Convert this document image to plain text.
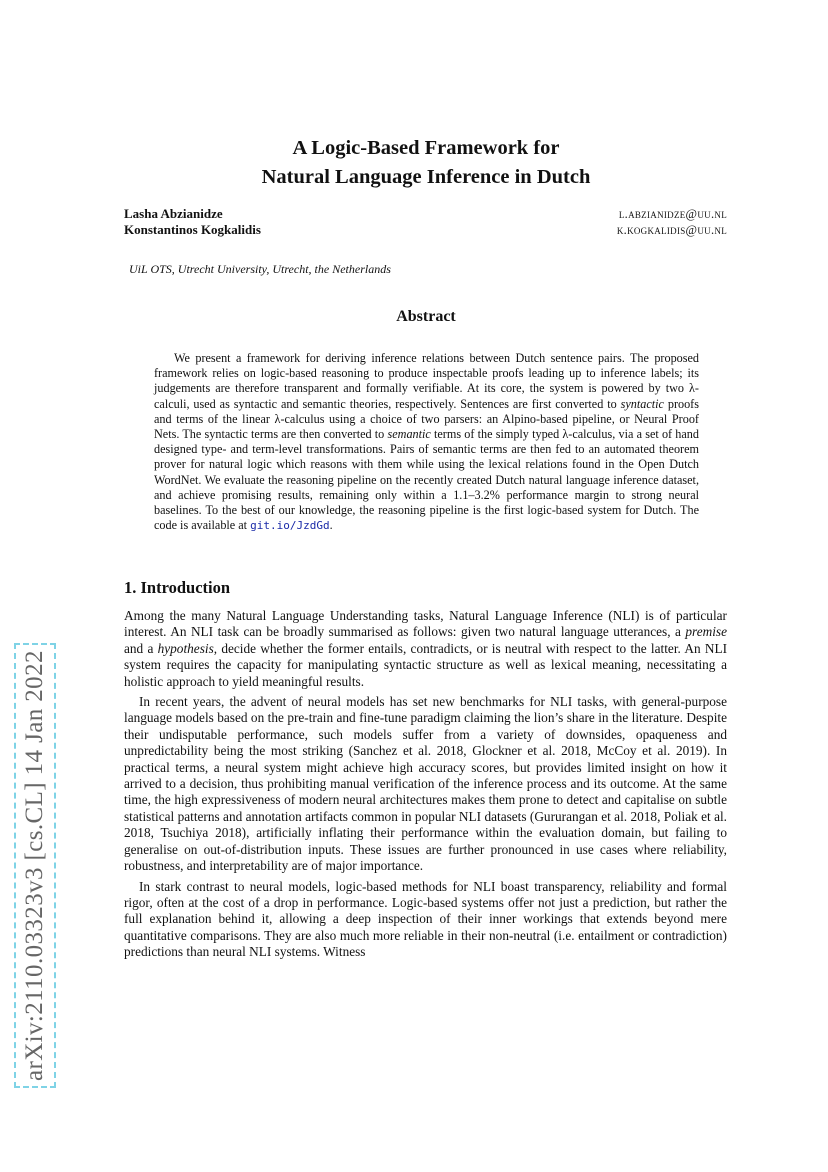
arXiv:2110.03323v3 [cs.CL] 14 Jan 2022
A Logic-Based Framework for
Natural Language Inference in Dutch
Lasha Abzianidze	l.abzianidze@uu.nl
Konstantinos Kogkalidis	k.kogkalidis@uu.nl
UiL OTS, Utrecht University, Utrecht, the Netherlands
Abstract
We present a framework for deriving inference relations between Dutch sentence pairs. The proposed framework relies on logic-based reasoning to produce inspectable proofs leading up to inference labels; its judgements are therefore transparent and formally verifiable. At its core, the system is powered by two λ-calculi, used as syntactic and semantic theories, respectively. Sentences are first converted to syntactic proofs and terms of the linear λ-calculus using a choice of two parsers: an Alpino-based pipeline, or Neural Proof Nets. The syntactic terms are then converted to semantic terms of the simply typed λ-calculus, via a set of hand designed type- and term-level transformations. Pairs of semantic terms are then fed to an automated theorem prover for natural logic which reasons with them while using the lexical relations found in the Open Dutch WordNet. We evaluate the reasoning pipeline on the recently created Dutch natural language inference dataset, and achieve promising results, remaining only within a 1.1–3.2% performance margin to strong neural baselines. To the best of our knowledge, the reasoning pipeline is the first logic-based system for Dutch. The code is available at git.io/JzdGd.
1. Introduction

Among the many Natural Language Understanding tasks, Natural Language Inference (NLI) is of particular interest. An NLI task can be broadly summarised as follows: given two natural language utterances, a premise and a hypothesis, decide whether the former entails, contradicts, or is neutral with respect to the latter. An NLI system requires the capacity for manipulating syntactic structure as well as lexical meaning, necessitating a holistic approach to yield meaningful results.

In recent years, the advent of neural models has set new benchmarks for NLI tasks, with general-purpose language models based on the pre-train and fine-tune paradigm claiming the lion’s share in the literature. Despite their undisputable performance, such models suffer from a variety of downsides, opaqueness and unpredictability being the most striking (Sanchez et al. 2018, Glockner et al. 2018, McCoy et al. 2019). In practical terms, a neural system might achieve high accuracy scores, but provides limited insight on how it arrived to a decision, thus prohibiting manual verification of the inference process and its outcome. At the same time, the high expressiveness of modern neural architectures makes them prone to detect and capitalise on subtle statistical patterns and annotation artifacts common in popular NLI datasets (Gururangan et al. 2018, Poliak et al. 2018, Tsuchiya 2018), artificially inflating their performance within the evaluation domain, but failing to generalise on out-of-distribution inputs. These issues are further pronounced in use cases where reliability, robustness, and interpretability are of major importance.

In stark contrast to neural models, logic-based methods for NLI boast transparency, reliability and formal rigor, often at the cost of a drop in performance. Logic-based systems offer not just a prediction, but rather the full explanation behind it, allowing a deep inspection of their inner workings that extends beyond mere quantitative comparisons. They are also much more reliable in their non-neutral (i.e. entailment or contradiction) predictions than neural NLI systems. Witness
